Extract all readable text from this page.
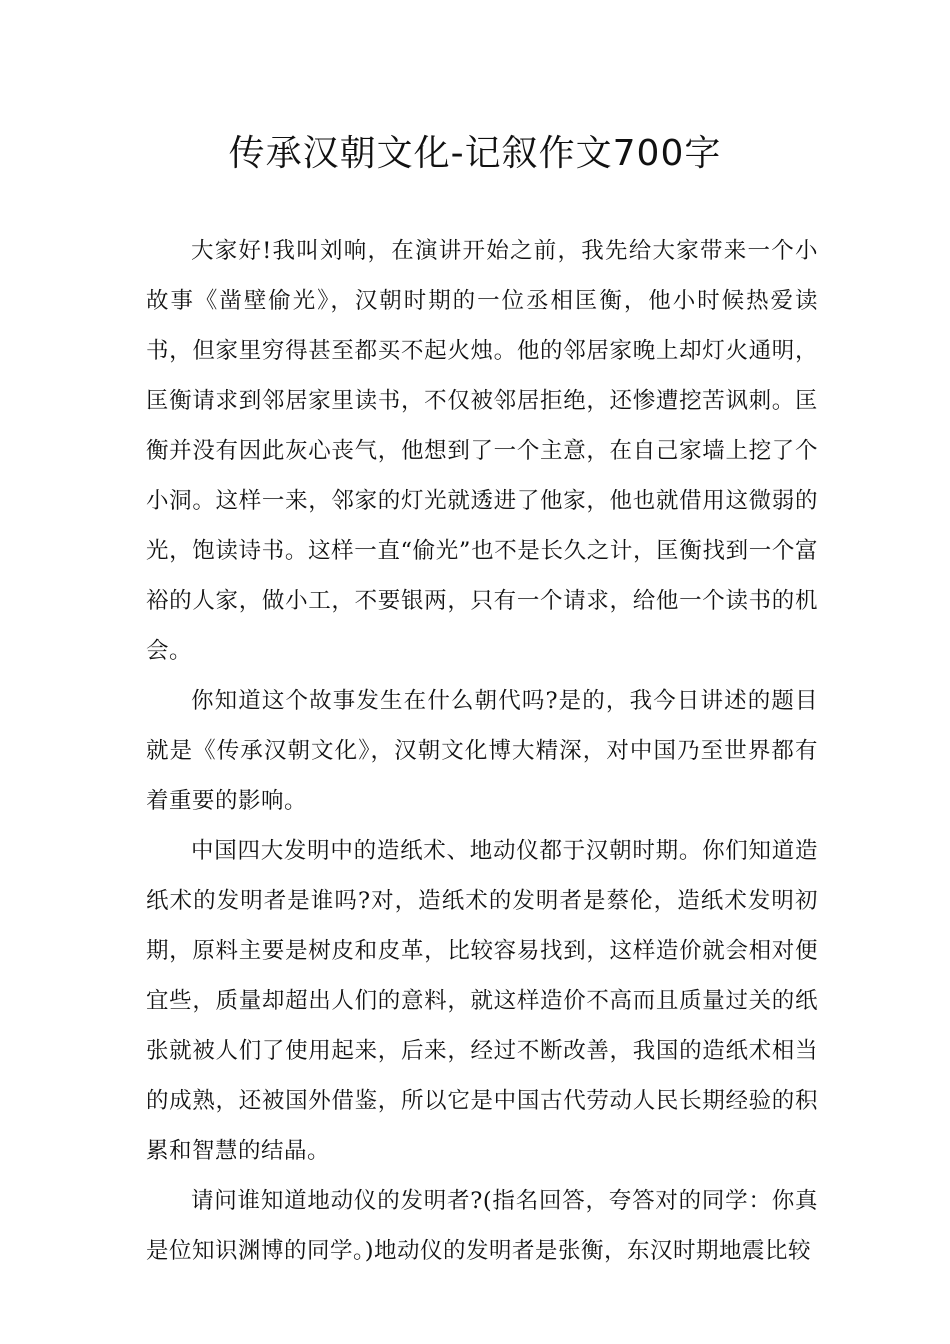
传承汉朝文化-记叙作文700字

大家好!我叫刘响，在演讲开始之前，我先给大家带来一个小故事《凿壁偷光》，汉朝时期的一位丞相匡衡，他小时候热爱读书，但家里穷得甚至都买不起火烛。他的邻居家晚上却灯火通明，匡衡请求到邻居家里读书，不仅被邻居拒绝，还惨遭挖苦讽刺。匡衡并没有因此灰心丧气，他想到了一个主意，在自己家墙上挖了个小洞。这样一来，邻家的灯光就透进了他家，他也就借用这微弱的光，饱读诗书。这样一直“偷光”也不是长久之计，匡衡找到一个富裕的人家，做小工，不要银两，只有一个请求，给他一个读书的机会。

你知道这个故事发生在什么朝代吗?是的，我今日讲述的题目就是《传承汉朝文化》，汉朝文化博大精深，对中国乃至世界都有着重要的影响。

中国四大发明中的造纸术、地动仪都于汉朝时期。你们知道造纸术的发明者是谁吗?对，造纸术的发明者是蔡伦，造纸术发明初期，原料主要是树皮和皮革，比较容易找到，这样造价就会相对便宜些，质量却超出人们的意料，就这样造价不高而且质量过关的纸张就被人们了使用起来，后来，经过不断改善，我国的造纸术相当的成熟，还被国外借鉴，所以它是中国古代劳动人民长期经验的积累和智慧的结晶。

请问谁知道地动仪的发明者?(指名回答，夸答对的同学：你真是位知识渊博的同学。)地动仪的发明者是张衡，东汉时期地震比较
